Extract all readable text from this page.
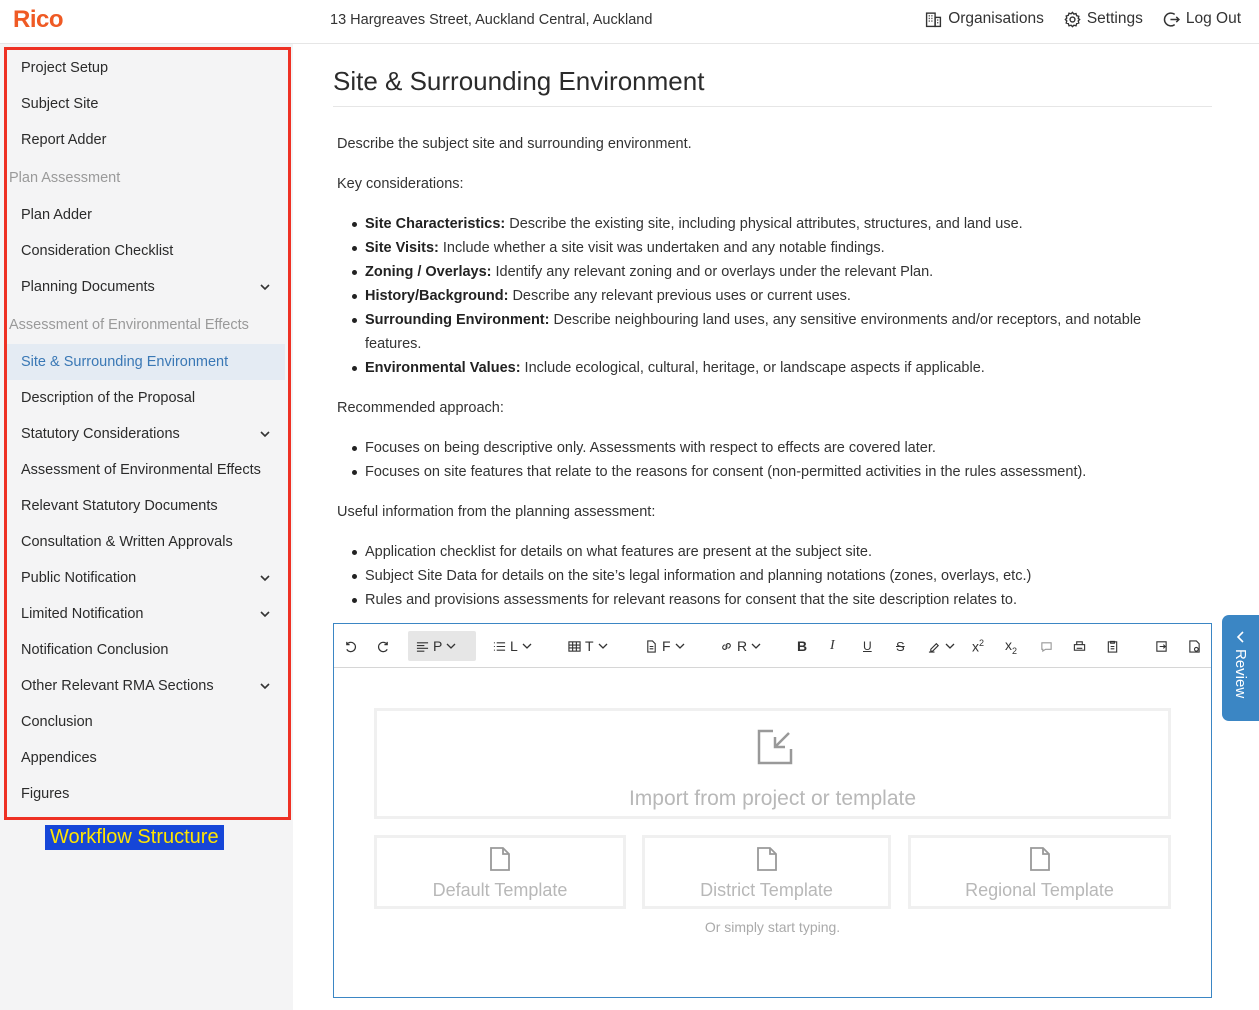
Rico	13 Hargreaves Street, Auckland Central, Auckland	Organisations	Settings	Log Out
Project Setup
Subject Site
Report Adder
Plan Assessment
Plan Adder
Consideration Checklist
Planning Documents
Assessment of Environmental Effects
Site & Surrounding Environment
Description of the Proposal
Statutory Considerations
Assessment of Environmental Effects
Relevant Statutory Documents
Consultation & Written Approvals
Public Notification
Limited Notification
Notification Conclusion
Other Relevant RMA Sections
Conclusion
Appendices
Figures
Workflow Structure
Site & Surrounding Environment

Describe the subject site and surrounding environment.

Key considerations:

Site Characteristics: Describe the existing site, including physical attributes, structures, and land use.
Site Visits: Include whether a site visit was undertaken and any notable findings.
Zoning / Overlays: Identify any relevant zoning and or overlays under the relevant Plan.
History/Background: Describe any relevant previous uses or current uses.
Surrounding Environment: Describe neighbouring land uses, any sensitive environments and/or receptors, and notable features.
Environmental Values: Include ecological, cultural, heritage, or landscape aspects if applicable.

Recommended approach:

Focuses on being descriptive only. Assessments with respect to effects are covered later.
Focuses on site features that relate to the reasons for consent (non-permitted activities in the rules assessment).

Useful information from the planning assessment:

Application checklist for details on what features are present at the subject site.
Subject Site Data for details on the site’s legal information and planning notations (zones, overlays, etc.)
Rules and provisions assessments for relevant reasons for consent that the site description relates to.
P	L	T	F	R	B I U S	$x^2$ $x_2$
Import from project or template
Default Template	District Template	Regional Template
Or simply start typing.
Review
